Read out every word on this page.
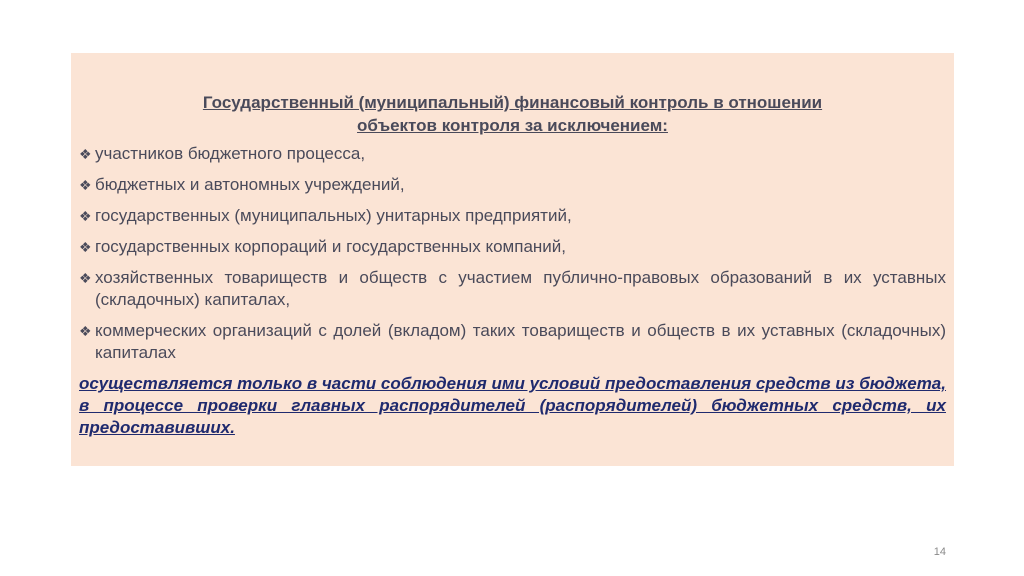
Государственный (муниципальный) финансовый контроль в отношении
объектов контроля за исключением:
❖ участников бюджетного процесса,
❖ бюджетных и автономных учреждений,
❖ государственных (муниципальных) унитарных предприятий,
❖ государственных корпораций и государственных компаний,
❖ хозяйственных товариществ и обществ с участием публично-правовых образований в их уставных (складочных) капиталах,
❖ коммерческих организаций с долей (вкладом) таких товариществ и обществ в их уставных (складочных) капиталах
осуществляется только в части соблюдения ими условий предоставления средств из бюджета, в процессе проверки главных распорядителей (распорядителей) бюджетных средств, их предоставивших.
14
